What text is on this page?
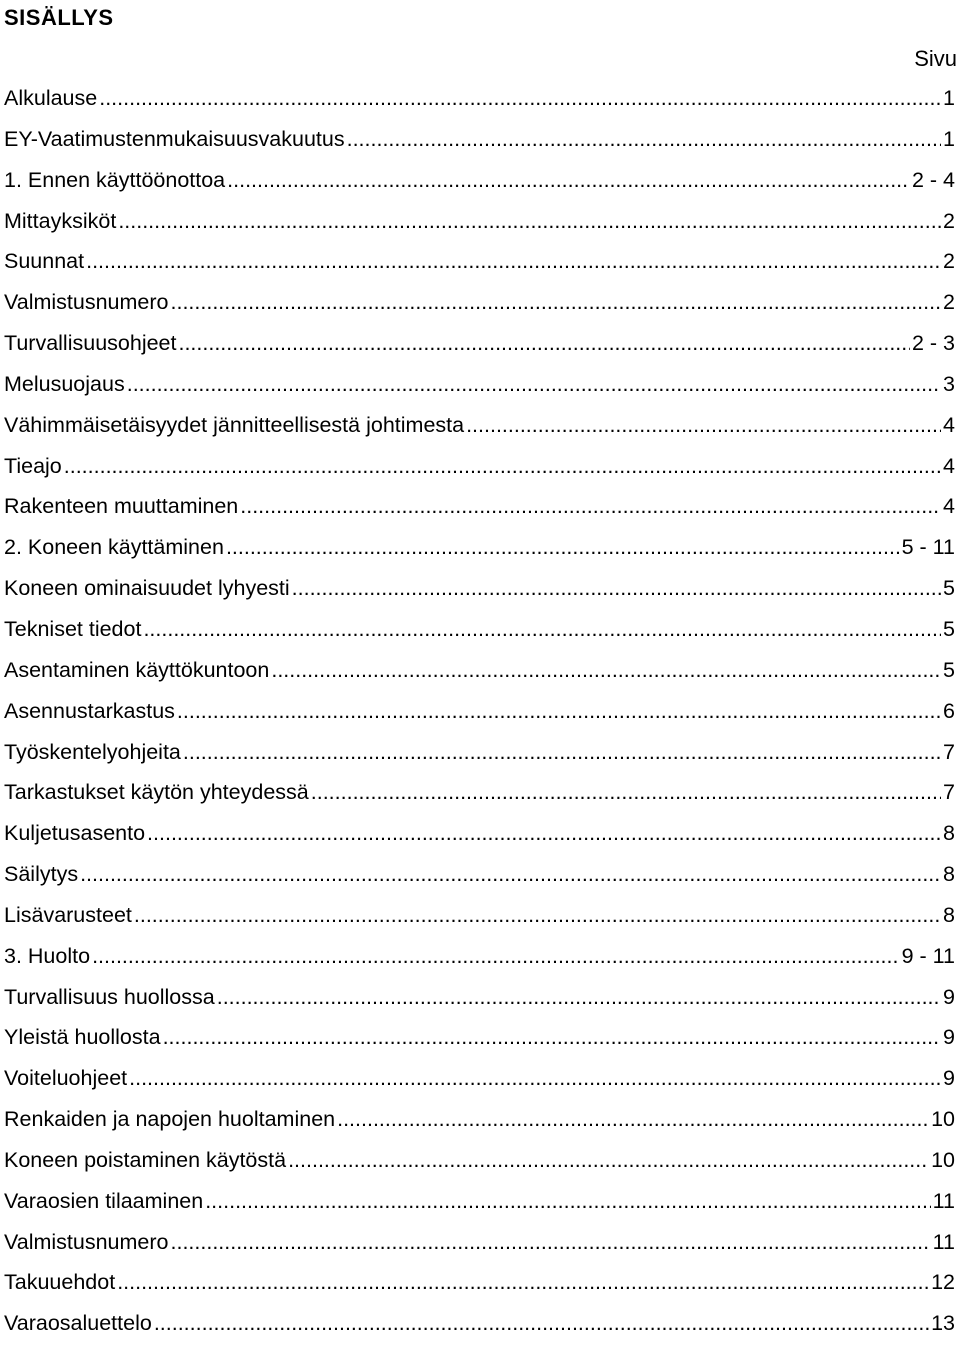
SISÄLLYS
Sivu
Alkulause .....	1
EY-Vaatimustenmukaisuusvakuutus .....	1
1. Ennen käyttöönottoa .....	2 - 4
Mittayksiköt .....	2
Suunnat .....	2
Valmistusnumero .....	2
Turvallisuusohjeet .....	2 - 3
Melusuojaus .....	3
Vähimmäisetäisyydet jännitteellisestä johtimesta .....	4
Tieajo .....	4
Rakenteen muuttaminen .....	4
2. Koneen käyttäminen .....	5 - 11
Koneen ominaisuudet lyhyesti .....	5
Tekniset tiedot .....	5
Asentaminen käyttökuntoon .....	5
Asennustarkastus .....	6
Työskentelyohjeita .....	7
Tarkastukset käytön yhteydessä .....	7
Kuljetusasento .....	8
Säilytys .....	8
Lisävarusteet .....	8
3. Huolto .....	9 - 11
Turvallisuus huollossa .....	9
Yleistä huollosta .....	9
Voiteluohjeet .....	9
Renkaiden ja napojen huoltaminen .....	10
Koneen poistaminen käytöstä .....	10
Varaosien tilaaminen .....	11
Valmistusnumero .....	11
Takuuehdot .....	12
Varaosaluettelo .....	13
